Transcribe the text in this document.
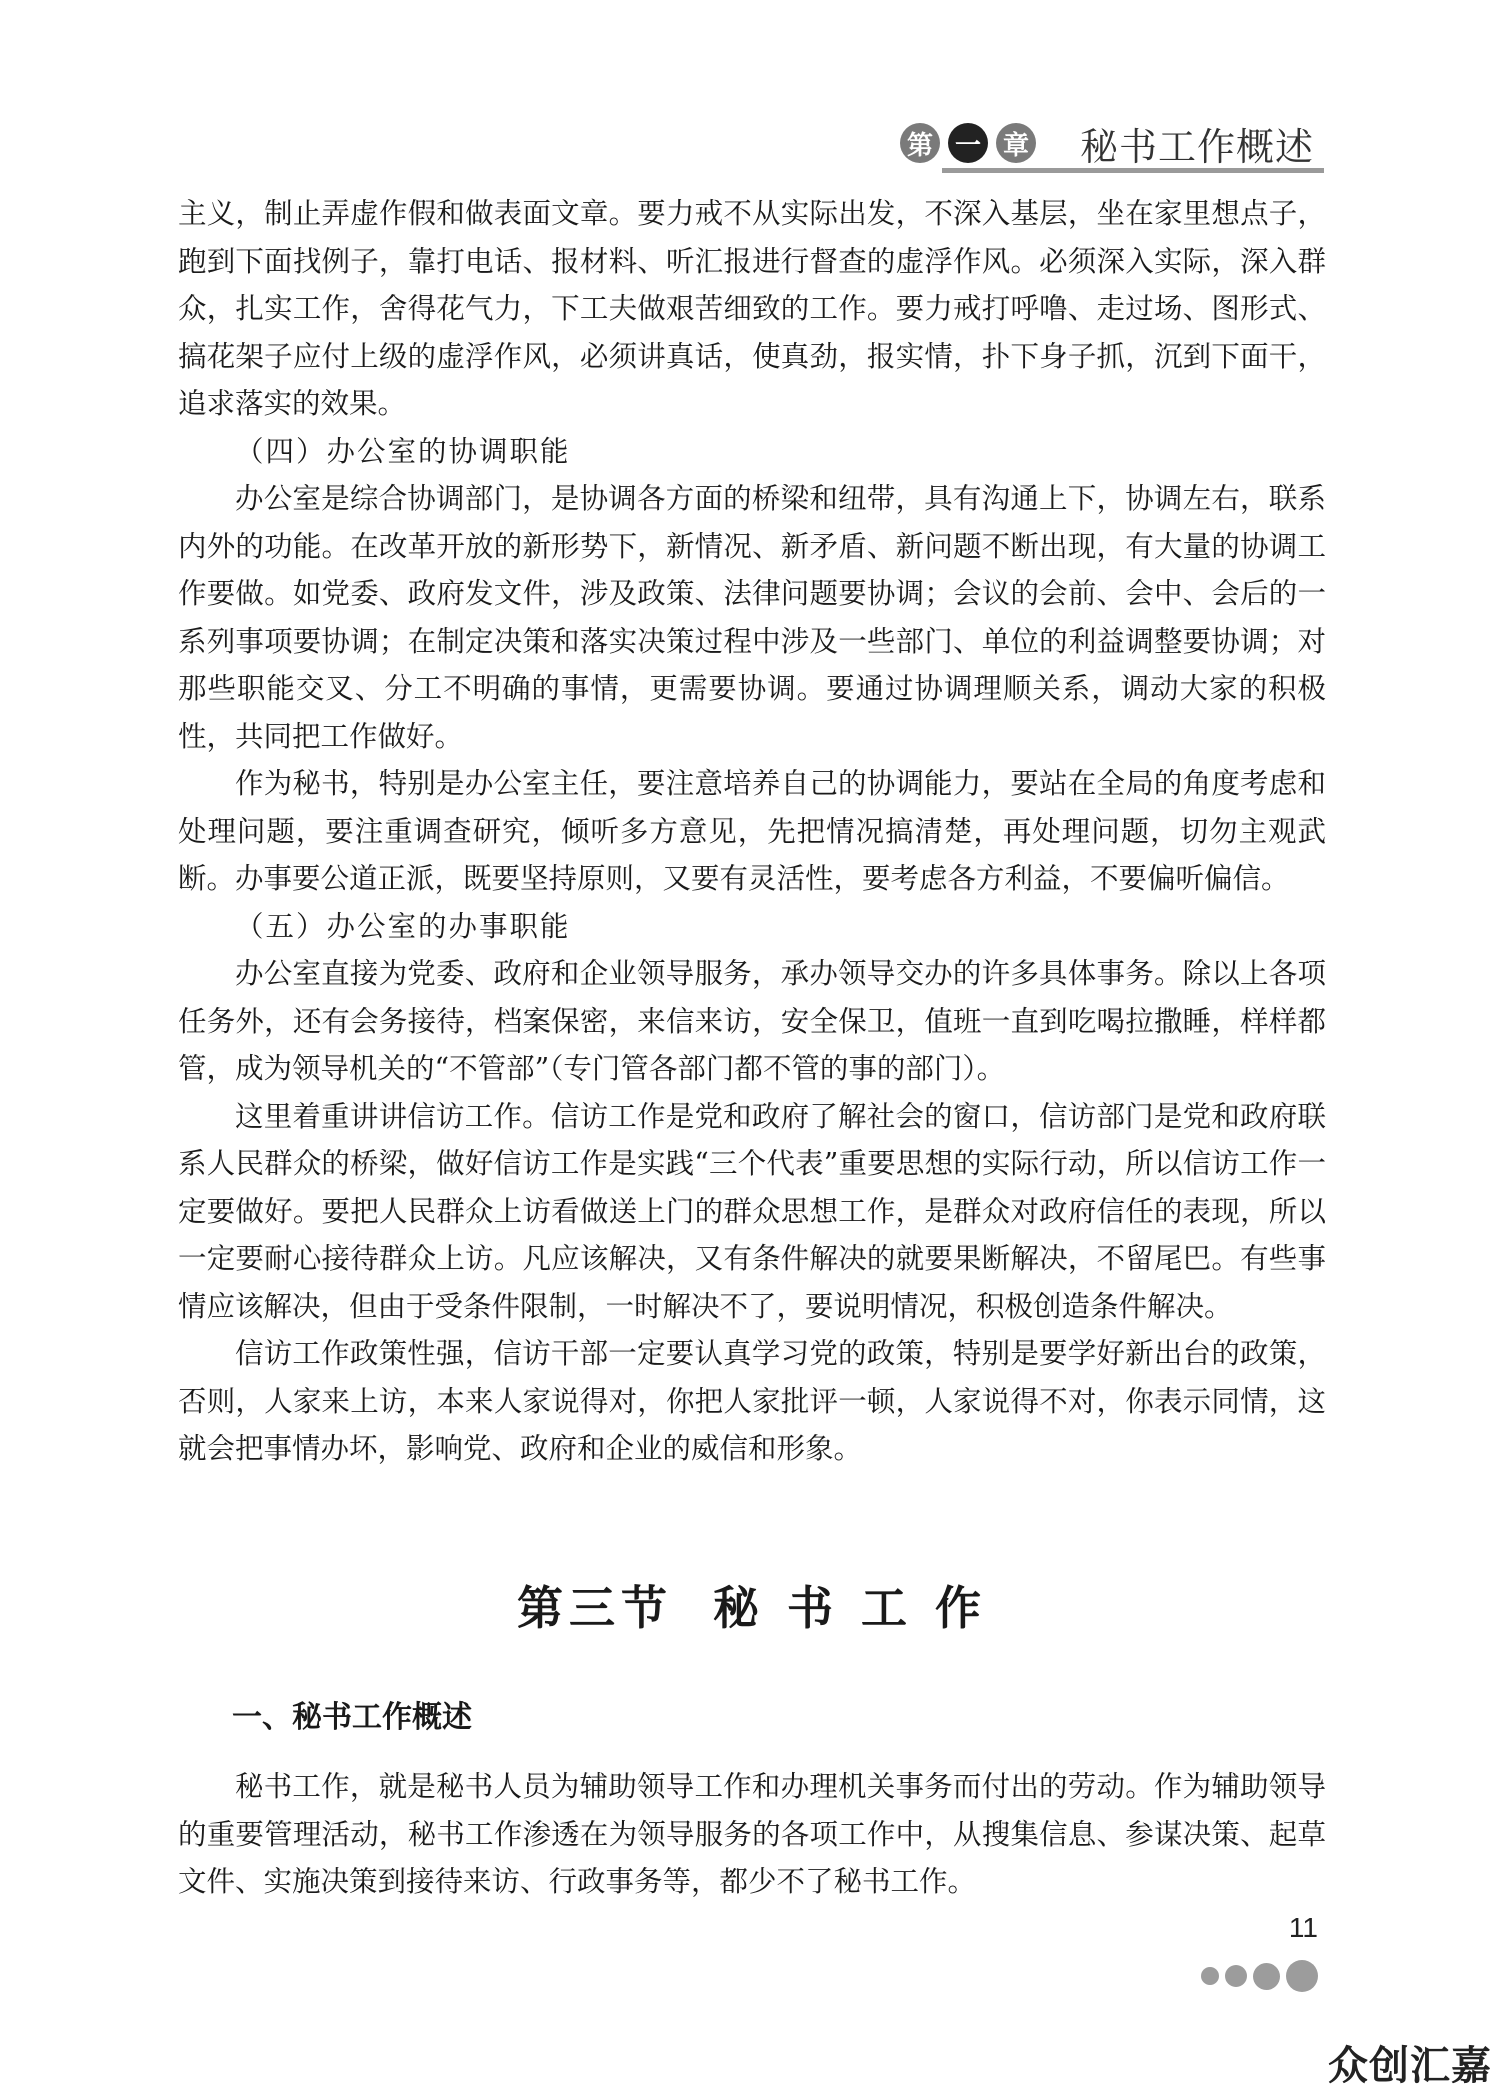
第 一 章 秘书工作概述

主义，制止弄虚作假和做表面文章。要力戒不从实际出发，不深入基层，坐在家里想点子，跑到下面找例子，靠打电话、报材料、听汇报进行督查的虚浮作风。必须深入实际，深入群众，扎实工作，舍得花气力，下工夫做艰苦细致的工作。要力戒打呼噜、走过场、图形式、搞花架子应付上级的虚浮作风，必须讲真话，使真劲，报实情，扑下身子抓，沉到下面干，追求落实的效果。

（四）办公室的协调职能

办公室是综合协调部门，是协调各方面的桥梁和纽带，具有沟通上下，协调左右，联系内外的功能。在改革开放的新形势下，新情况、新矛盾、新问题不断出现，有大量的协调工作要做。如党委、政府发文件，涉及政策、法律问题要协调；会议的会前、会中、会后的一系列事项要协调；在制定决策和落实决策过程中涉及一些部门、单位的利益调整要协调；对那些职能交叉、分工不明确的事情，更需要协调。要通过协调理顺关系，调动大家的积极性，共同把工作做好。

作为秘书，特别是办公室主任，要注意培养自己的协调能力，要站在全局的角度考虑和处理问题，要注重调查研究，倾听多方意见，先把情况搞清楚，再处理问题，切勿主观武断。办事要公道正派，既要坚持原则，又要有灵活性，要考虑各方利益，不要偏听偏信。

（五）办公室的办事职能

办公室直接为党委、政府和企业领导服务，承办领导交办的许多具体事务。除以上各项任务外，还有会务接待，档案保密，来信来访，安全保卫，值班一直到吃喝拉撒睡，样样都管，成为领导机关的“不管部”（专门管各部门都不管的事的部门）。

这里着重讲讲信访工作。信访工作是党和政府了解社会的窗口，信访部门是党和政府联系人民群众的桥梁，做好信访工作是实践“三个代表”重要思想的实际行动，所以信访工作一定要做好。要把人民群众上访看做送上门的群众思想工作，是群众对政府信任的表现，所以一定要耐心接待群众上访。凡应该解决，又有条件解决的就要果断解决，不留尾巴。有些事情应该解决，但由于受条件限制，一时解决不了，要说明情况，积极创造条件解决。

信访工作政策性强，信访干部一定要认真学习党的政策，特别是要学好新出台的政策，否则，人家来上访，本来人家说得对，你把人家批评一顿，人家说得不对，你表示同情，这就会把事情办坏，影响党、政府和企业的威信和形象。

第三节 秘 书 工 作
一、秘书工作概述

秘书工作，就是秘书人员为辅助领导工作和办理机关事务而付出的劳动。作为辅助领导的重要管理活动，秘书工作渗透在为领导服务的各项工作中，从搜集信息、参谋决策、起草文件、实施决策到接待来访、行政事务等，都少不了秘书工作。

11
众创汇嘉
